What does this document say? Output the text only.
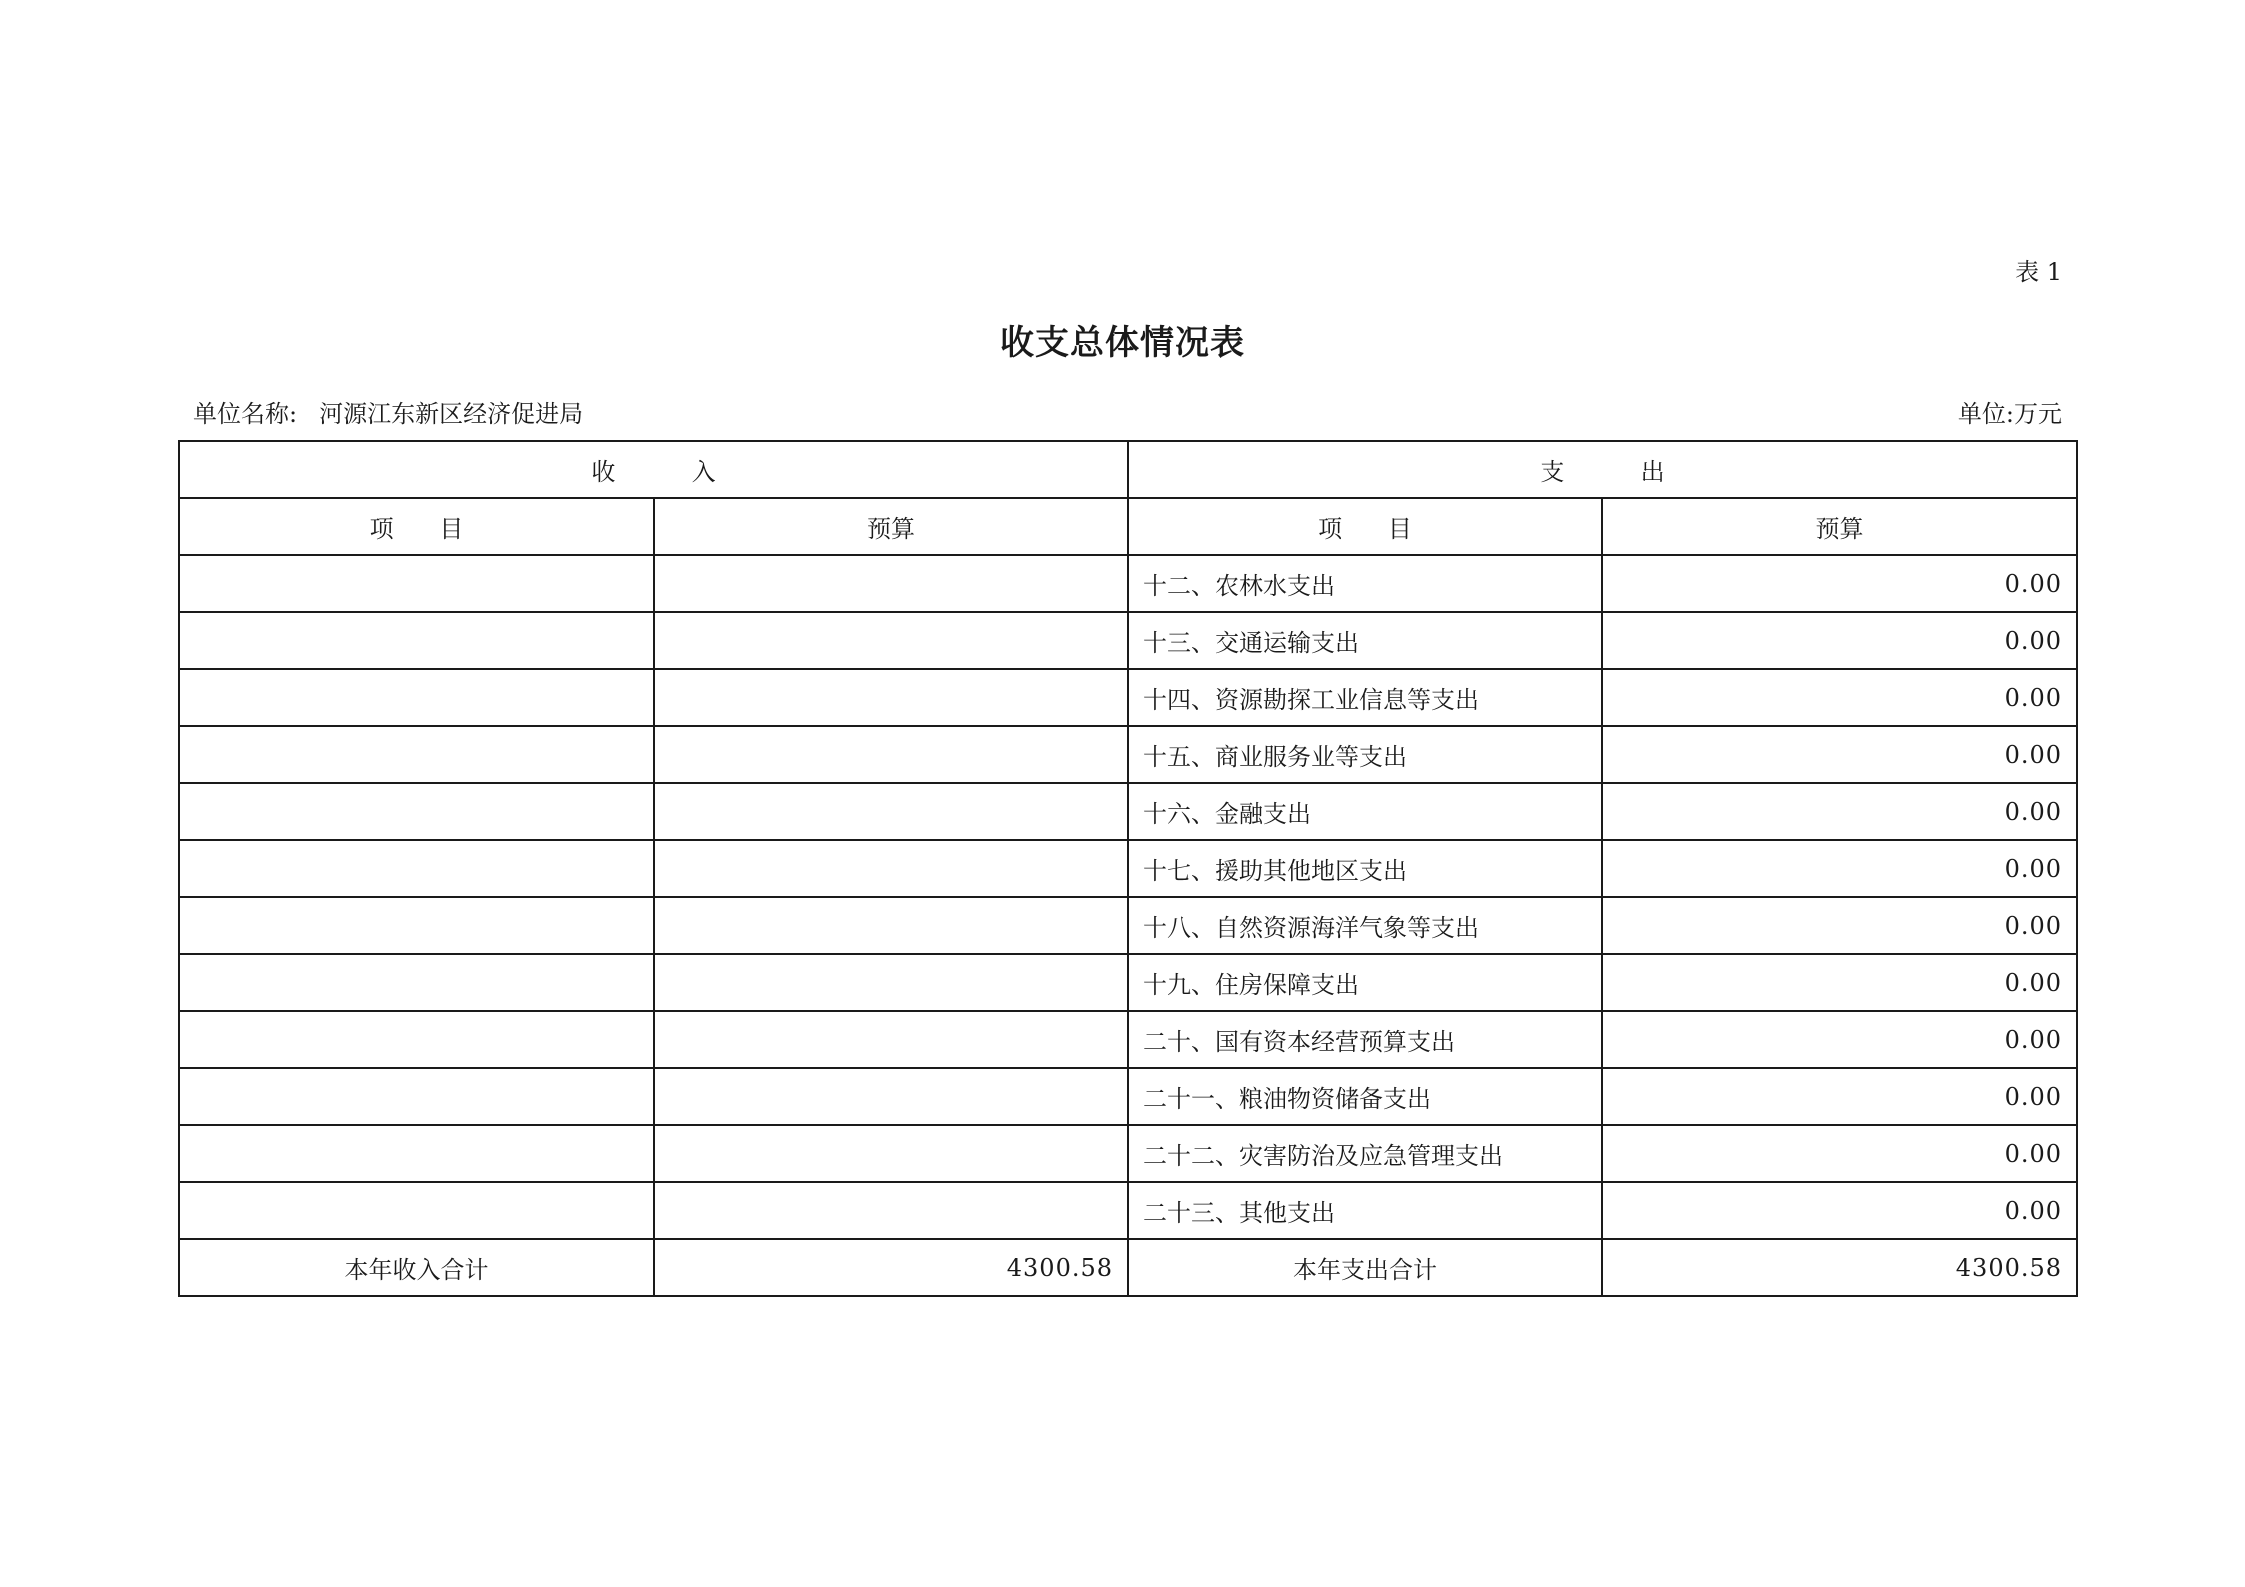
表 1
收支总体情况表
单位名称: 河源江东新区经济促进局	单位:万元
收          入		支          出	
项      目	预算	项      目	预算
		十二、农林水支出	0.00
		十三、交通运输支出	0.00
		十四、资源勘探工业信息等支出	0.00
		十五、商业服务业等支出	0.00
		十六、金融支出	0.00
		十七、援助其他地区支出	0.00
		十八、自然资源海洋气象等支出	0.00
		十九、住房保障支出	0.00
		二十、国有资本经营预算支出	0.00
		二十一、粮油物资储备支出	0.00
		二十二、灾害防治及应急管理支出	0.00
		二十三、其他支出	0.00
本年收入合计	4300.58	本年支出合计	4300.58
